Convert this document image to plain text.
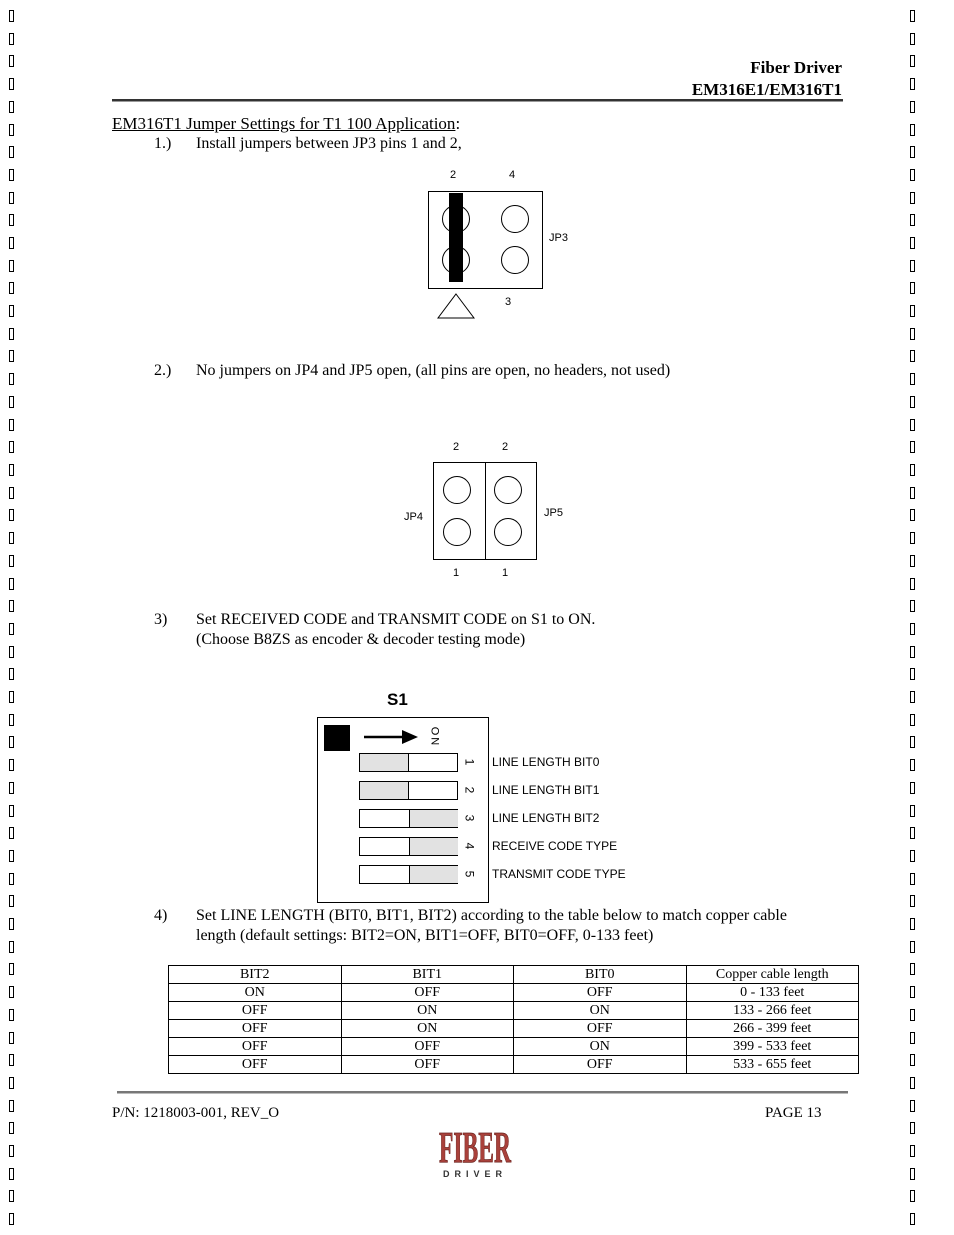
Fiber Driver
EM316E1/EM316T1
EM316T1 Jumper Settings for T1 100 Application:
1.) Install jumpers between JP3 pins 1 and 2,
2	4
JP3
3
2.) No jumpers on JP4 and JP5 open, (all pins are open, no headers, not used)
2	2
JP4	JP5
1	1
3) Set RECEIVED CODE and TRANSMIT CODE on S1 to ON.
(Choose B8ZS as encoder & decoder testing mode)
S1
ON
1 LINE LENGTH BIT0
2 LINE LENGTH BIT1
3 LINE LENGTH BIT2
4 RECEIVE CODE TYPE
5 TRANSMIT CODE TYPE
4) Set LINE LENGTH (BIT0, BIT1, BIT2) according to the table below to match copper cable
length (default settings: BIT2=ON, BIT1=OFF, BIT0=OFF, 0-133 feet)
BIT2	BIT1	BIT0	Copper cable length
ON	OFF	OFF	0 - 133 feet
OFF	ON	ON	133 - 266 feet
OFF	ON	OFF	266 - 399 feet
OFF	OFF	ON	399 - 533 feet
OFF	OFF	OFF	533 - 655 feet
P/N: 1218003-001, REV_O	PAGE 13
FIBER
DRIVER
